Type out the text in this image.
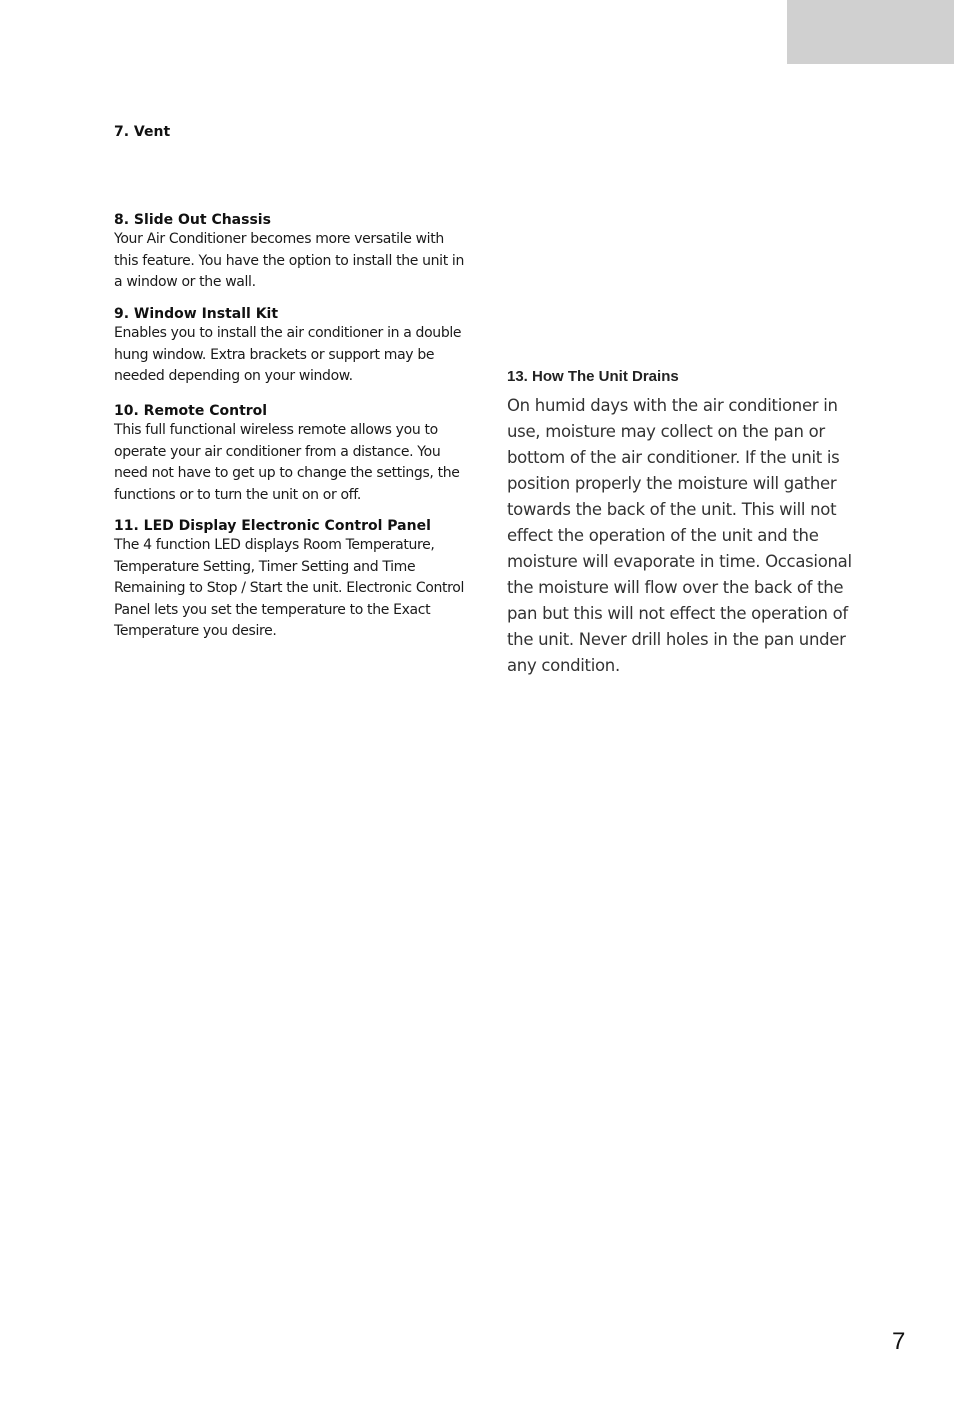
7. Vent
8. Slide Out Chassis

Your Air Conditioner becomes more versatile with this feature. You have the option to install the unit in a window or the wall.

9. Window Install Kit

Enables you to install the air conditioner in a double hung window. Extra brackets or support may be needed depending on your window.

10. Remote Control

This full functional wireless remote allows you to operate your air conditioner from a distance. You need not have to get up to change the settings, the functions or to turn the unit on or off.

11. LED Display Electronic Control Panel

The 4 function LED displays Room Temperature, Temperature Setting, Timer Setting and Time Remaining to Stop / Start the unit. Electronic Control Panel lets you set the temperature to the Exact Temperature you desire.

13. How The Unit Drains

On humid days with the air conditioner in use, moisture may collect on the pan or bottom of the air conditioner. If the unit is position properly the moisture will gather towards the back of the unit. This will not effect the operation of the unit and the moisture will evaporate in time. Occasional the moisture will flow over the back of the pan but this will not effect the operation of the unit. Never drill holes in the pan under any condition.

7
